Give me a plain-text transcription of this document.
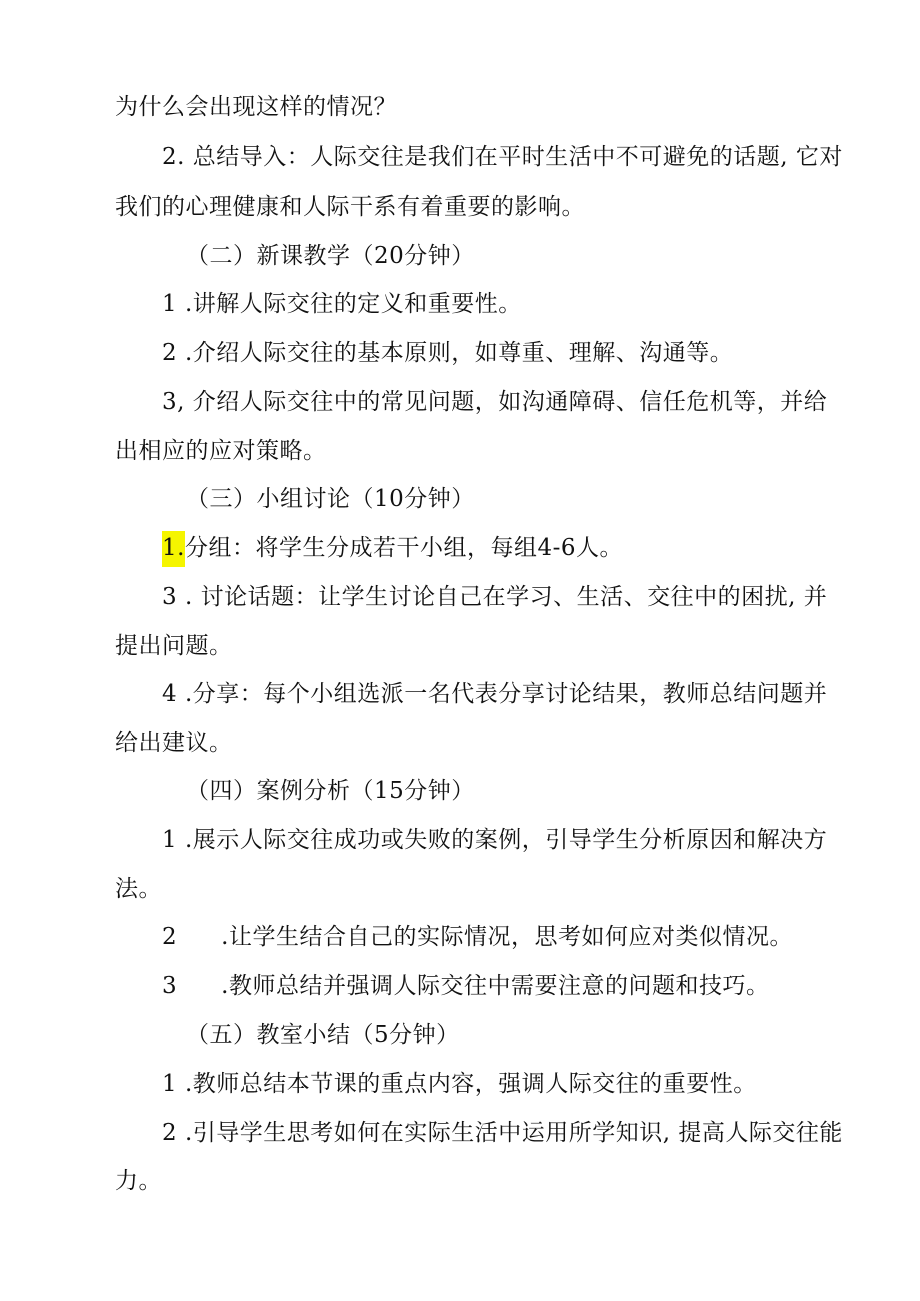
为什么会出现这样的情况？
2. 总结导入：人际交往是我们在平时生活中不可避免的话题, 它对
我们的心理健康和人际干系有着重要的影响。
（二）新课教学（20分钟）
1 .讲解人际交往的定义和重要性。
2 .介绍人际交往的基本原则，如尊重、理解、沟通等。
3, 介绍人际交往中的常见问题，如沟通障碍、信任危机等，并给
出相应的应对策略。
（三）小组讨论（10分钟）
1.分组：将学生分成若干小组，每组4-6人。
3 . 讨论话题：让学生讨论自己在学习、生活、交往中的困扰, 并
提出问题。
4 .分享：每个小组选派一名代表分享讨论结果，教师总结问题并
给出建议。
（四）案例分析（15分钟）
1 .展示人际交往成功或失败的案例，引导学生分析原因和解决方
法。
2 .让学生结合自己的实际情况，思考如何应对类似情况。
3 .教师总结并强调人际交往中需要注意的问题和技巧。
（五）教室小结（5分钟）
1 .教师总结本节课的重点内容，强调人际交往的重要性。
2 .引导学生思考如何在实际生活中运用所学知识, 提高人际交往能
力。
